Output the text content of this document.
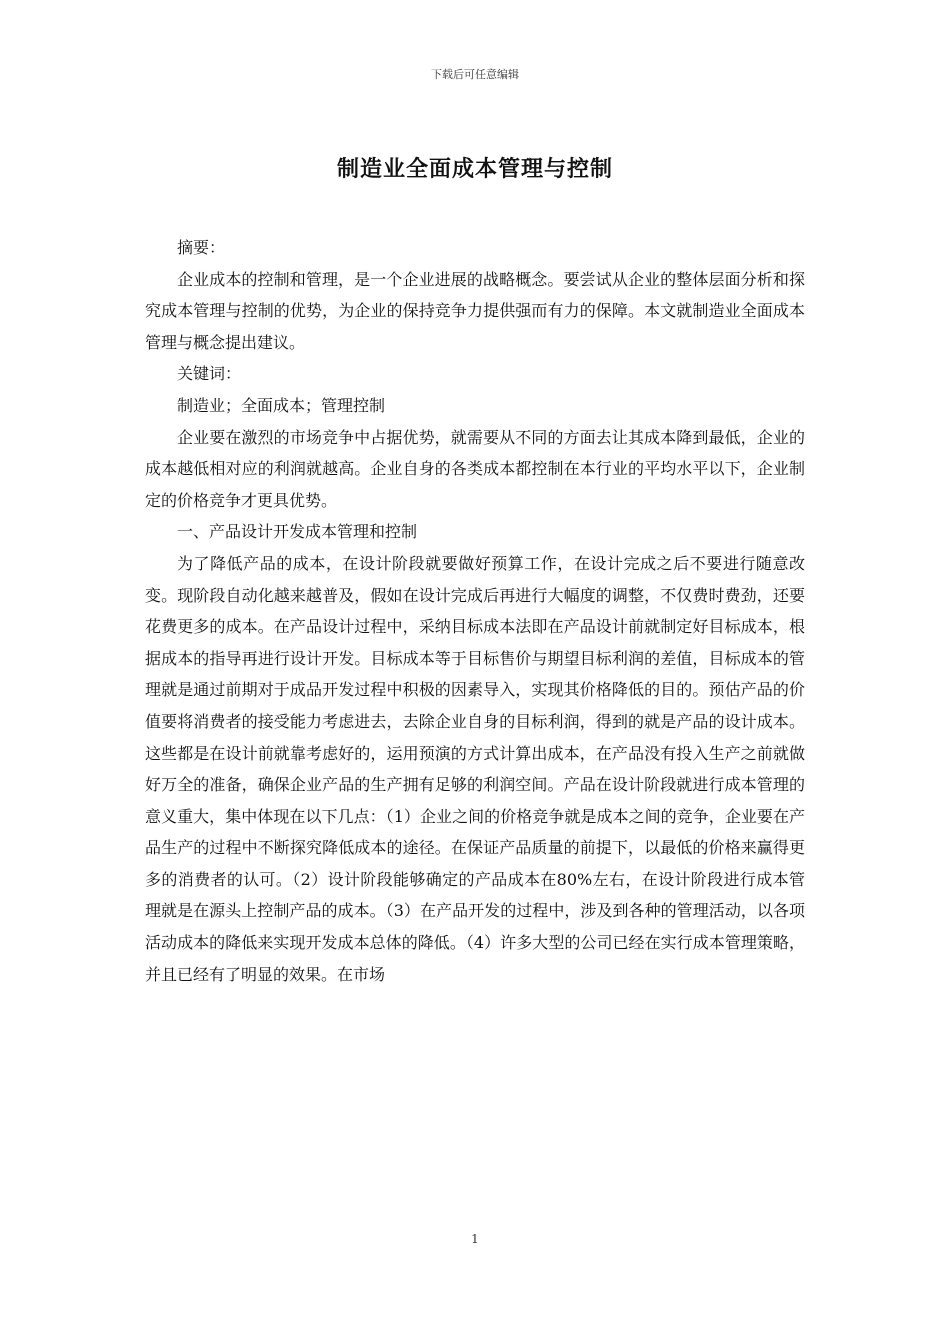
下载后可任意编辑
制造业全面成本管理与控制

摘要：

企业成本的控制和管理，是一个企业进展的战略概念。要尝试从企业的整体层面分析和探究成本管理与控制的优势，为企业的保持竞争力提供强而有力的保障。本文就制造业全面成本管理与概念提出建议。

关键词：

制造业；全面成本；管理控制

企业要在激烈的市场竞争中占据优势，就需要从不同的方面去让其成本降到最低，企业的成本越低相对应的利润就越高。企业自身的各类成本都控制在本行业的平均水平以下，企业制定的价格竞争才更具优势。

一、产品设计开发成本管理和控制

为了降低产品的成本，在设计阶段就要做好预算工作，在设计完成之后不要进行随意改变。现阶段自动化越来越普及，假如在设计完成后再进行大幅度的调整，不仅费时费劲，还要花费更多的成本。在产品设计过程中，采纳目标成本法即在产品设计前就制定好目标成本，根据成本的指导再进行设计开发。目标成本等于目标售价与期望目标利润的差值，目标成本的管理就是通过前期对于成品开发过程中积极的因素导入，实现其价格降低的目的。预估产品的价值要将消费者的接受能力考虑进去，去除企业自身的目标利润，得到的就是产品的设计成本。这些都是在设计前就靠考虑好的，运用预演的方式计算出成本，在产品没有投入生产之前就做好万全的准备，确保企业产品的生产拥有足够的利润空间。产品在设计阶段就进行成本管理的意义重大，集中体现在以下几点：（1）企业之间的价格竞争就是成本之间的竞争，企业要在产品生产的过程中不断探究降低成本的途径。在保证产品质量的前提下，以最低的价格来赢得更多的消费者的认可。（2）设计阶段能够确定的产品成本在80%左右，在设计阶段进行成本管理就是在源头上控制产品的成本。（3）在产品开发的过程中，涉及到各种的管理活动，以各项活动成本的降低来实现开发成本总体的降低。（4）许多大型的公司已经在实行成本管理策略，并且已经有了明显的效果。在市场

1
